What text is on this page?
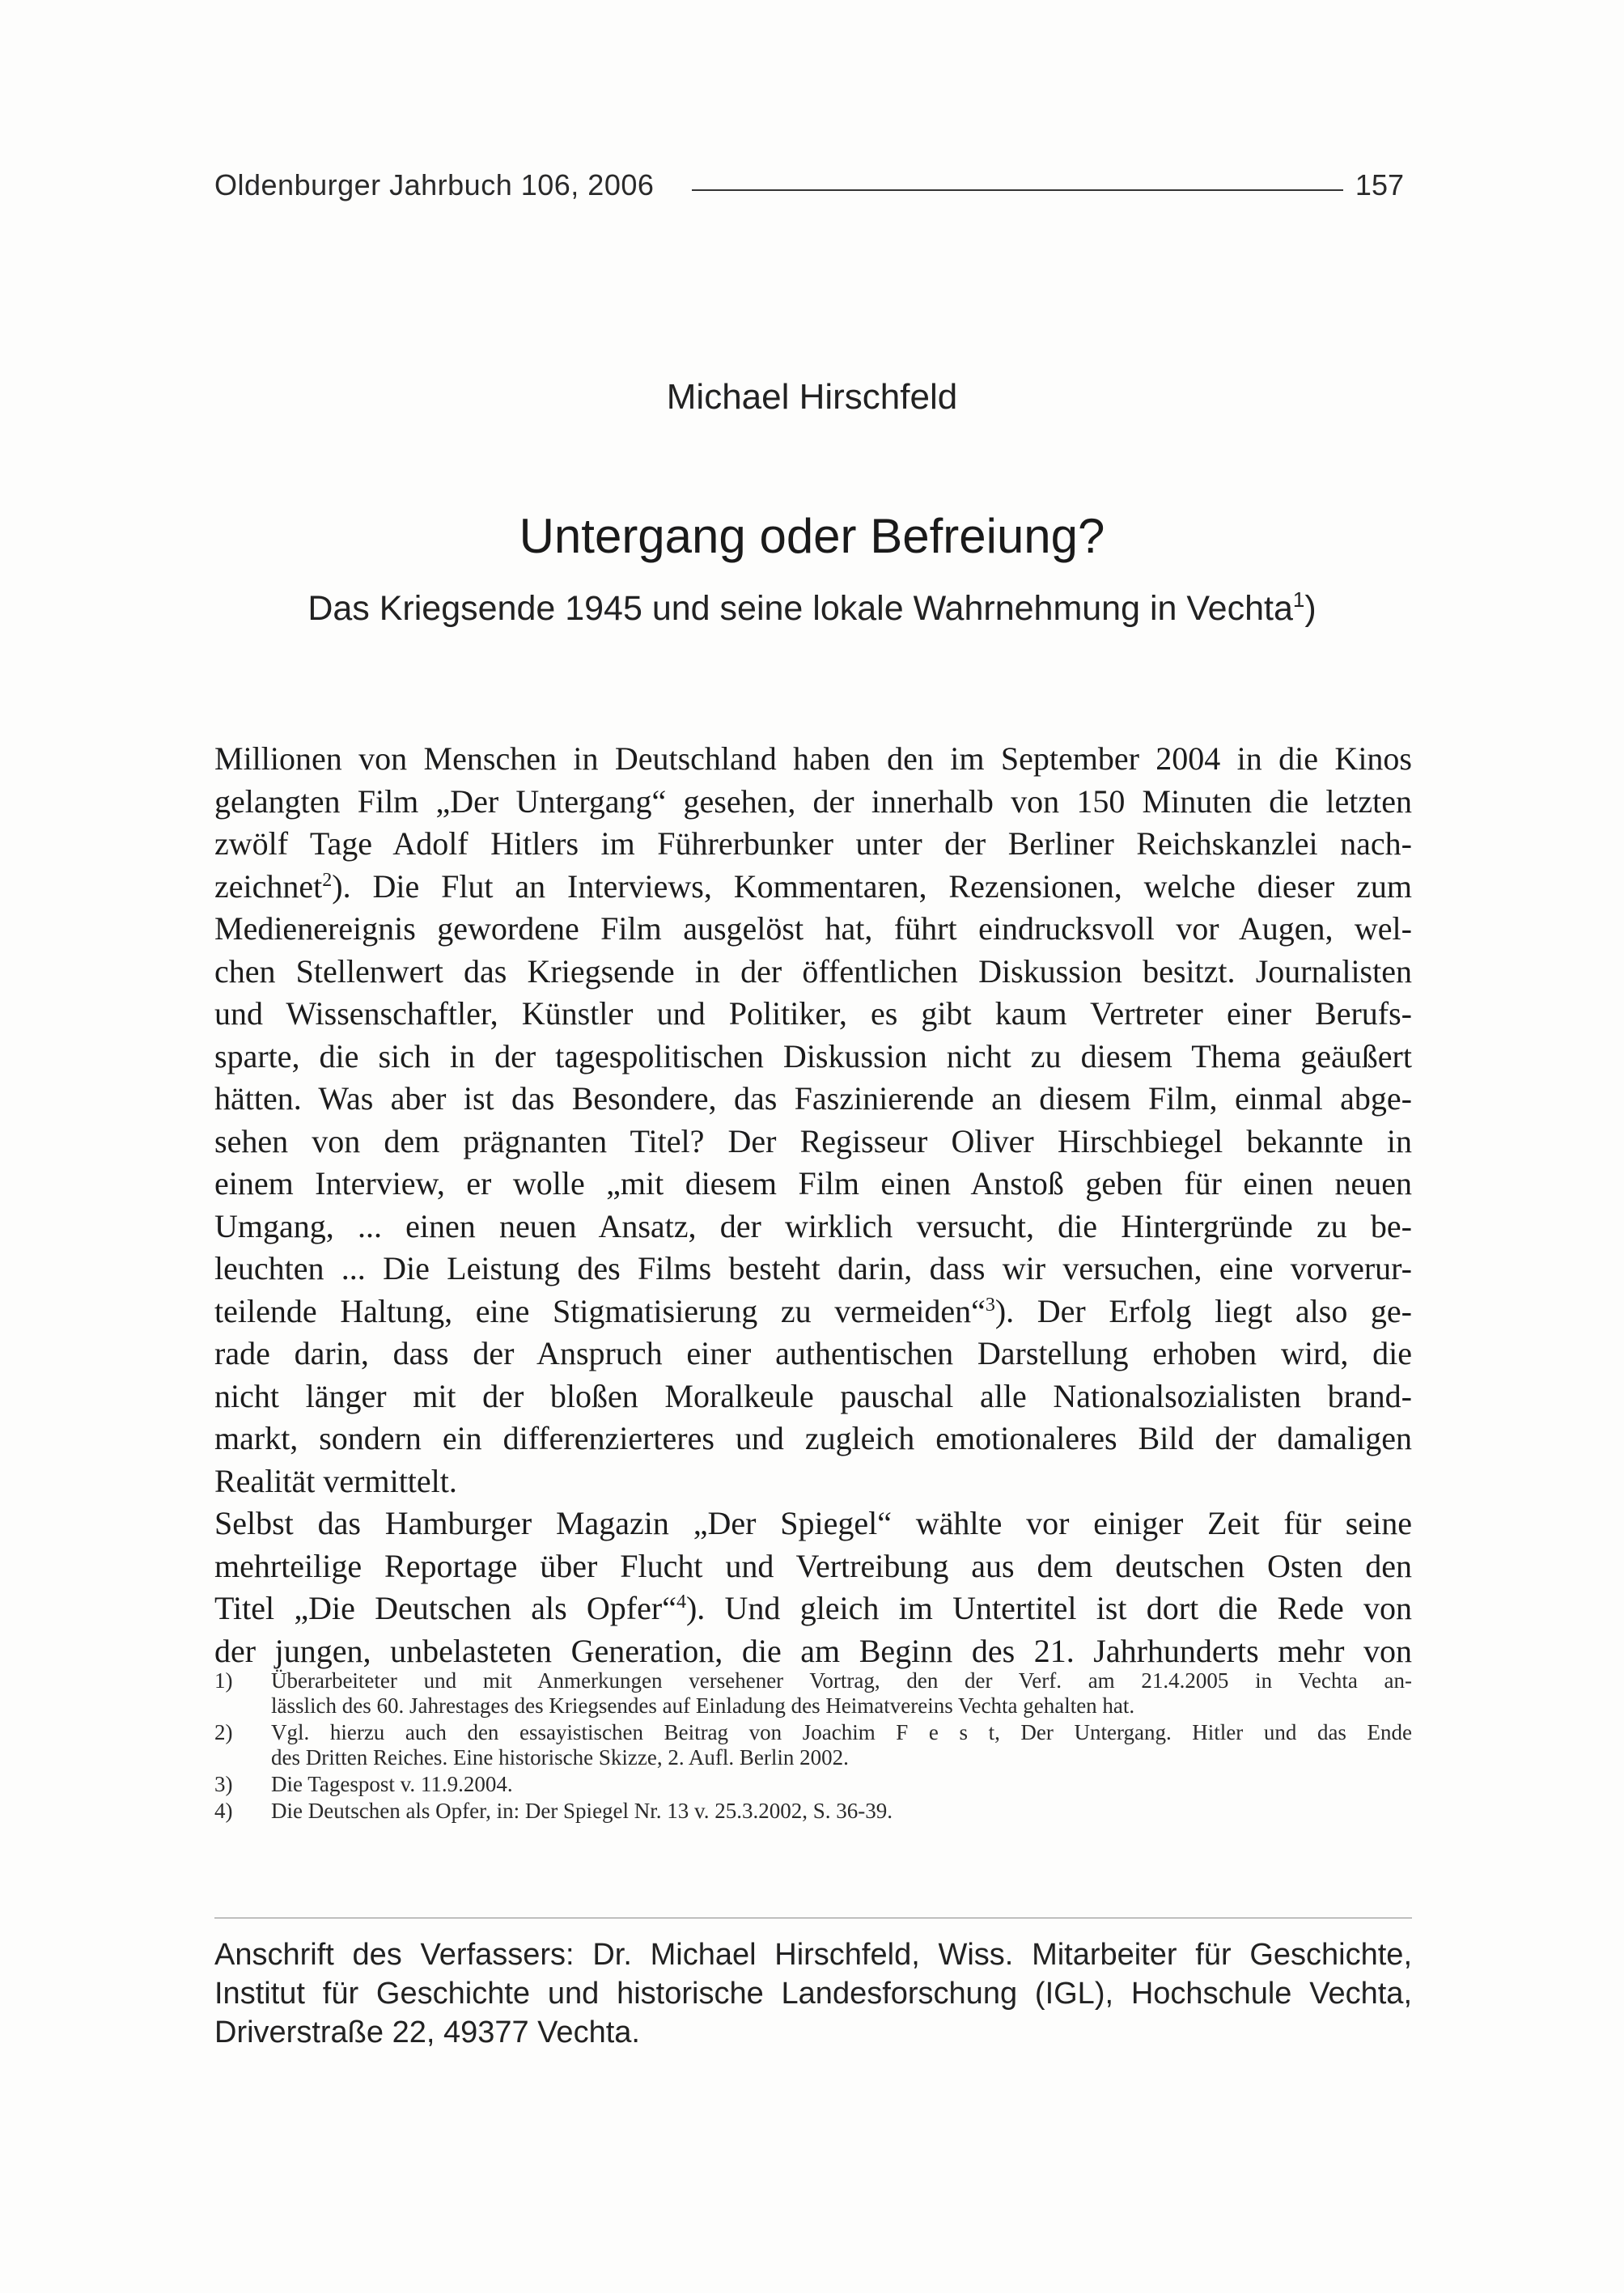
Oldenburger Jahrbuch 106, 2006	157
Michael Hirschfeld
Untergang oder Befreiung?
Das Kriegsende 1945 und seine lokale Wahrnehmung in Vechta$^1$)
Millionen von Menschen in Deutschland haben den im September 2004 in die Kinos
gelangten Film „Der Untergang“ gesehen, der innerhalb von 150 Minuten die letzten
zwölf Tage Adolf Hitlers im Führerbunker unter der Berliner Reichskanzlei nach-
zeichnet$^2$). Die Flut an Interviews, Kommentaren, Rezensionen, welche dieser zum
Medienereignis gewordene Film ausgelöst hat, führt eindrucksvoll vor Augen, wel-
chen Stellenwert das Kriegsende in der öffentlichen Diskussion besitzt. Journalisten
und Wissenschaftler, Künstler und Politiker, es gibt kaum Vertreter einer Berufs-
sparte, die sich in der tagespolitischen Diskussion nicht zu diesem Thema geäußert
hätten. Was aber ist das Besondere, das Faszinierende an diesem Film, einmal abge-
sehen von dem prägnanten Titel? Der Regisseur Oliver Hirschbiegel bekannte in
einem Interview, er wolle „mit diesem Film einen Anstoß geben für einen neuen
Umgang, ... einen neuen Ansatz, der wirklich versucht, die Hintergründe zu be-
leuchten ... Die Leistung des Films besteht darin, dass wir versuchen, eine vorverur-
teilende Haltung, eine Stigmatisierung zu vermeiden“$^3$). Der Erfolg liegt also ge-
rade darin, dass der Anspruch einer authentischen Darstellung erhoben wird, die
nicht länger mit der bloßen Moralkeule pauschal alle Nationalsozialisten brand-
markt, sondern ein differenzierteres und zugleich emotionaleres Bild der damaligen
Realität vermittelt.
Selbst das Hamburger Magazin „Der Spiegel“ wählte vor einiger Zeit für seine
mehrteilige Reportage über Flucht und Vertreibung aus dem deutschen Osten den
Titel „Die Deutschen als Opfer“$^4$). Und gleich im Untertitel ist dort die Rede von
der jungen, unbelasteten Generation, die am Beginn des 21. Jahrhunderts mehr von
1) Überarbeiteter und mit Anmerkungen versehener Vortrag, den der Verf. am 21.4.2005 in Vechta an-
lässlich des 60. Jahrestages des Kriegsendes auf Einladung des Heimatvereins Vechta gehalten hat.
2) Vgl. hierzu auch den essayistischen Beitrag von Joachim F e s t, Der Untergang. Hitler und das Ende
des Dritten Reiches. Eine historische Skizze, 2. Aufl. Berlin 2002.
3) Die Tagespost v. 11.9.2004.
4) Die Deutschen als Opfer, in: Der Spiegel Nr. 13 v. 25.3.2002, S. 36-39.
Anschrift des Verfassers: Dr. Michael Hirschfeld, Wiss. Mitarbeiter für Geschichte,
Institut für Geschichte und historische Landesforschung (IGL), Hochschule Vechta,
Driverstraße 22, 49377 Vechta.
